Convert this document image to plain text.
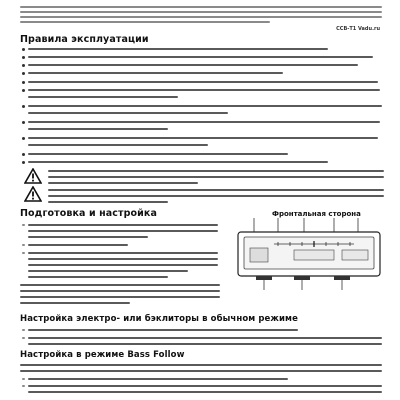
ССВ-Т1 Vadu.ru
Правила эксплуатации
Подготовка и настройка	Фронтальная сторона
Настройка электро- или бэклиторы в обычном режиме
Настройка в режиме Bass Follow
